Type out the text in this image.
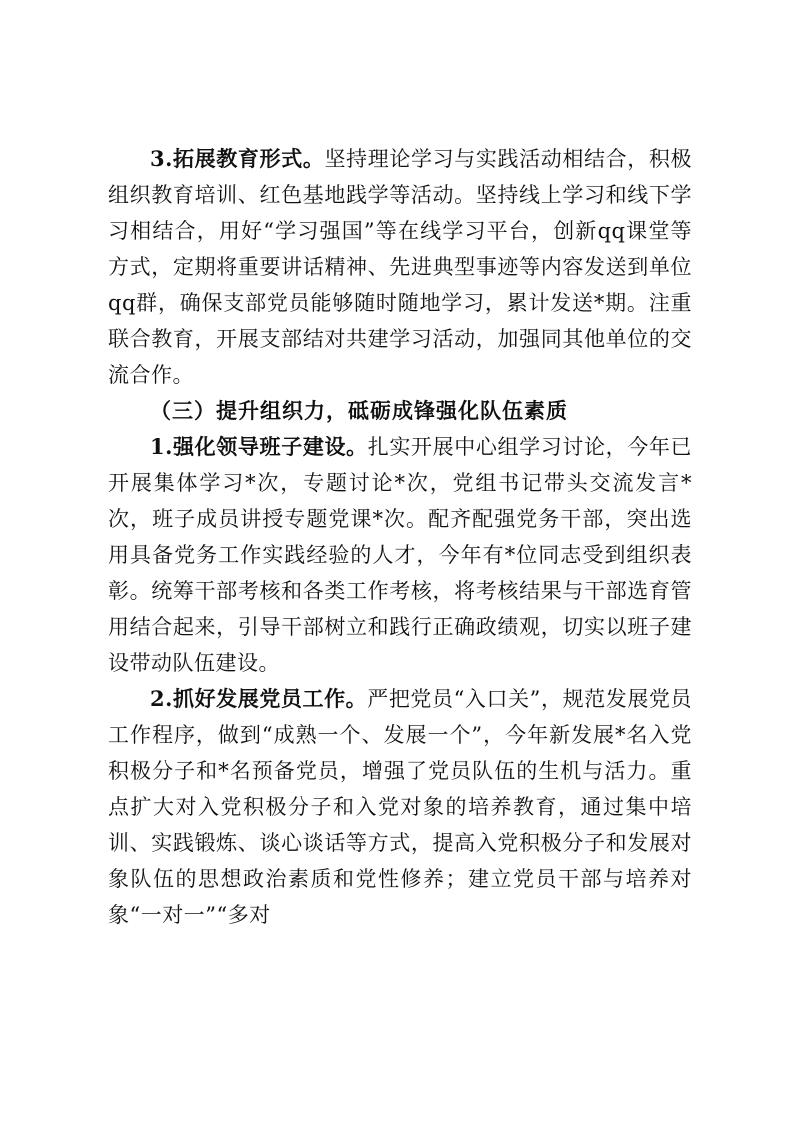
3.拓展教育形式。坚持理论学习与实践活动相结合，积极组织教育培训、红色基地践学等活动。坚持线上学习和线下学习相结合，用好“学习强国”等在线学习平台，创新qq课堂等方式，定期将重要讲话精神、先进典型事迹等内容发送到单位qq群，确保支部党员能够随时随地学习，累计发送*期。注重联合教育，开展支部结对共建学习活动，加强同其他单位的交流合作。

（三）提升组织力，砥砺成锋强化队伍素质

1.强化领导班子建设。扎实开展中心组学习讨论，今年已开展集体学习*次，专题讨论*次，党组书记带头交流发言*次，班子成员讲授专题党课*次。配齐配强党务干部，突出选用具备党务工作实践经验的人才，今年有*位同志受到组织表彰。统筹干部考核和各类工作考核，将考核结果与干部选育管用结合起来，引导干部树立和践行正确政绩观，切实以班子建设带动队伍建设。

2.抓好发展党员工作。严把党员“入口关”，规范发展党员工作程序，做到“成熟一个、发展一个”，今年新发展*名入党积极分子和*名预备党员，增强了党员队伍的生机与活力。重点扩大对入党积极分子和入党对象的培养教育，通过集中培训、实践锻炼、谈心谈话等方式，提高入党积极分子和发展对象队伍的思想政治素质和党性修养；建立党员干部与培养对象“一对一”“多对
